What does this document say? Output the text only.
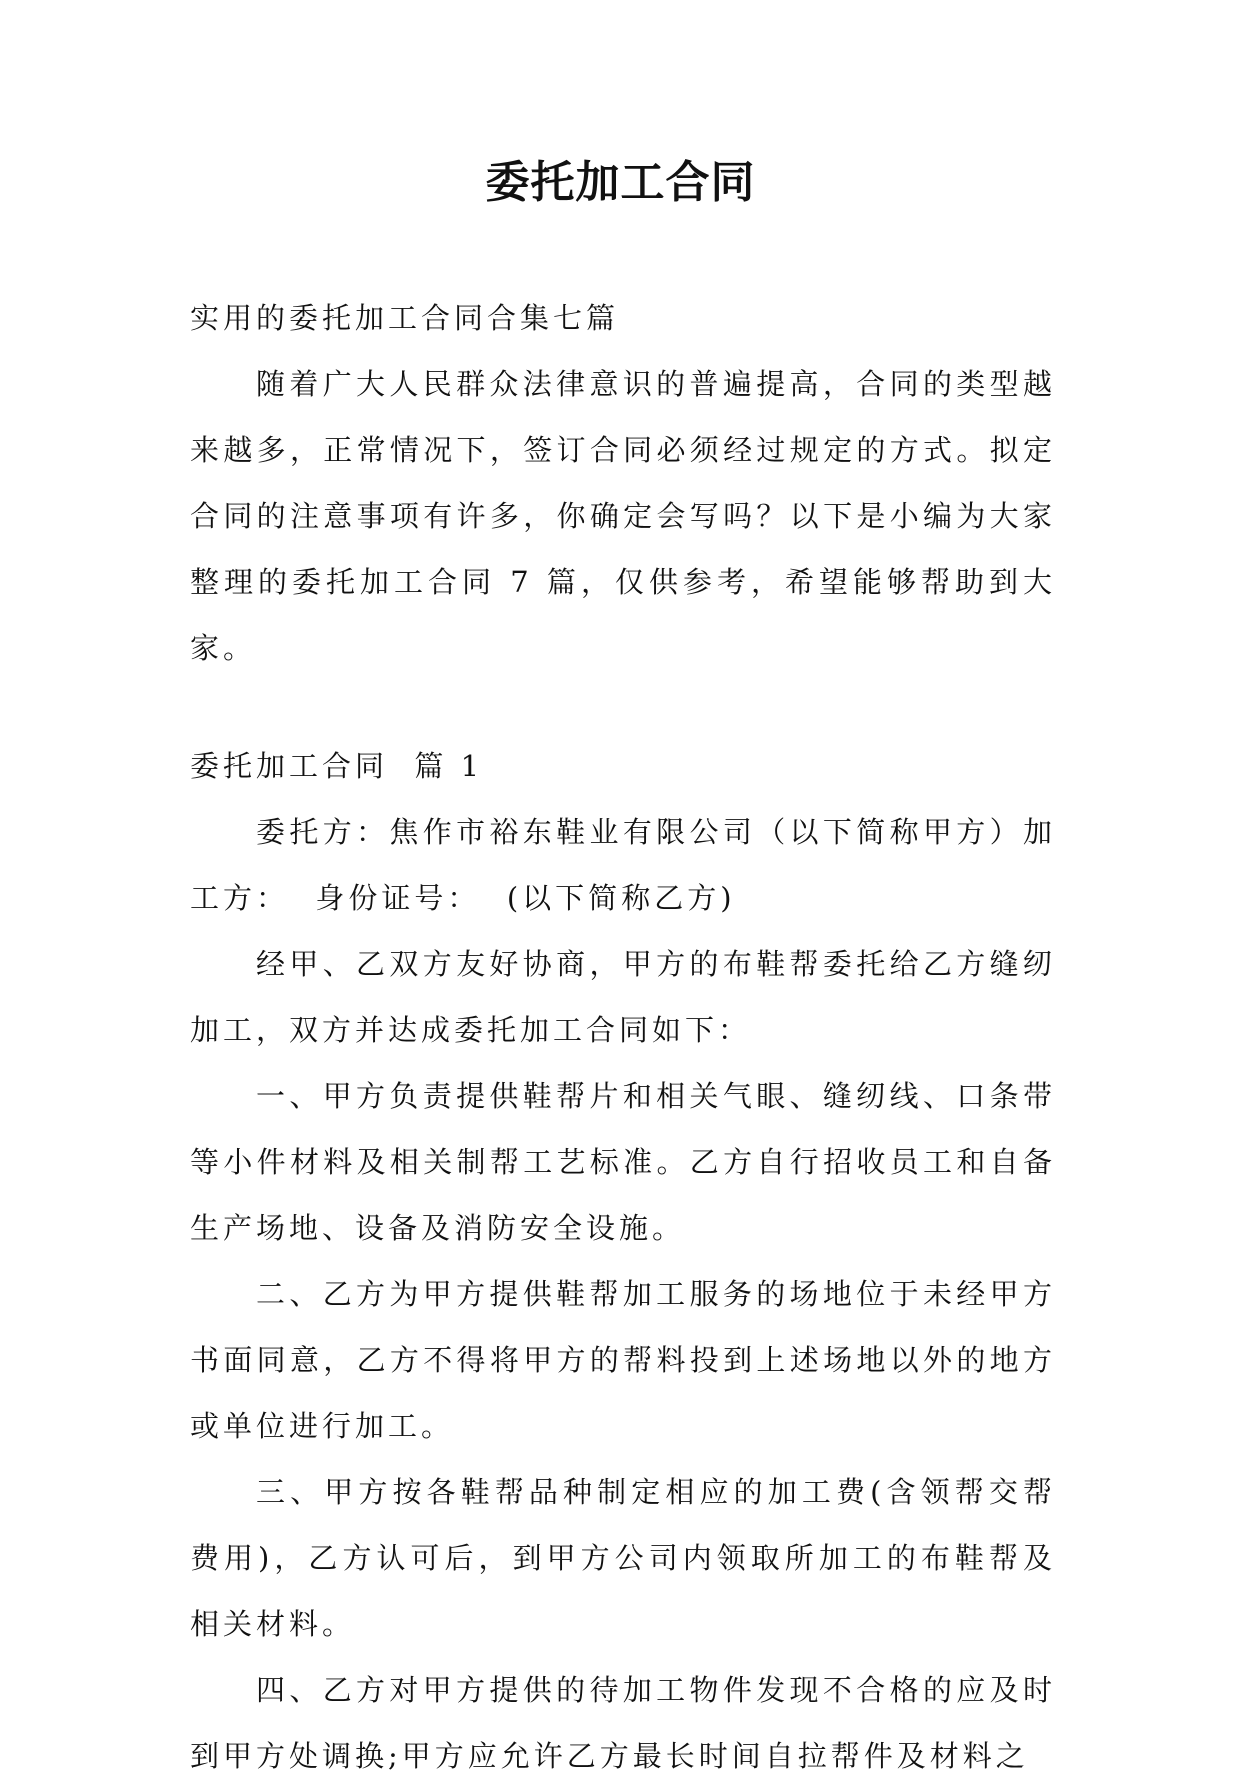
委托加工合同

实用的委托加工合同合集七篇

随着广大人民群众法律意识的普遍提高，合同的类型越来越多，正常情况下，签订合同必须经过规定的方式。拟定合同的注意事项有许多，你确定会写吗？以下是小编为大家整理的委托加工合同 7 篇，仅供参考，希望能够帮助到大家。

委托加工合同  篇 1

委托方：焦作市裕东鞋业有限公司（以下简称甲方）加工方：  身份证号：  (以下简称乙方)

经甲、乙双方友好协商，甲方的布鞋帮委托给乙方缝纫加工，双方并达成委托加工合同如下：

一、甲方负责提供鞋帮片和相关气眼、缝纫线、口条带等小件材料及相关制帮工艺标准。乙方自行招收员工和自备生产场地、设备及消防安全设施。

二、乙方为甲方提供鞋帮加工服务的场地位于未经甲方书面同意，乙方不得将甲方的帮料投到上述场地以外的地方或单位进行加工。

三、甲方按各鞋帮品种制定相应的加工费(含领帮交帮费用)，乙方认可后，到甲方公司内领取所加工的布鞋帮及相关材料。

四、乙方对甲方提供的待加工物件发现不合格的应及时到甲方处调换;甲方应允许乙方最长时间自拉帮件及材料之
